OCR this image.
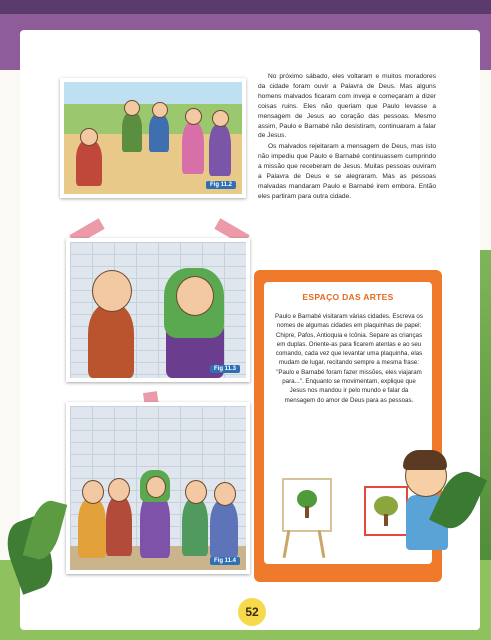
Fig 11.2
Fig 11.3
Fig 11.4

No próximo sábado, eles voltaram e muitos moradores da cidade foram ouvir a Palavra de Deus. Mas alguns homens malvados ficaram com inveja e começaram a dizer coisas ruins. Eles não queriam que Paulo levasse a mensagem de Jesus ao coração das pessoas. Mesmo assim, Paulo e Barnabé não desistiram, continuaram a falar de Jesus.

Os malvados rejeitaram a mensagem de Deus, mas isto não impediu que Paulo e Barnabé continuassem cumprindo a missão que receberam de Jesus. Muitas pessoas ouviram a Palavra de Deus e se alegraram. Mas as pessoas malvadas mandaram Paulo e Barnabé irem embora. Então eles partiram para outra cidade.

ESPAÇO DAS ARTES
Paulo e Barnabé visitaram várias cidades. Escreva os nomes de algumas cidades em plaquinhas de papel: Chipre, Pafos, Antioquia e Icônia. Separe as crianças em duplas. Oriente-as para ficarem atentas e ao seu comando, cada vez que levantar uma plaquinha, elas mudam de lugar, recitando sempre a mesma frase: "Paulo e Barnabé foram fazer missões, eles viajaram para...". Enquanto se movimentam, explique que Jesus nos mandou ir pelo mundo e falar da mensagem do amor de Deus para as pessoas.
52
